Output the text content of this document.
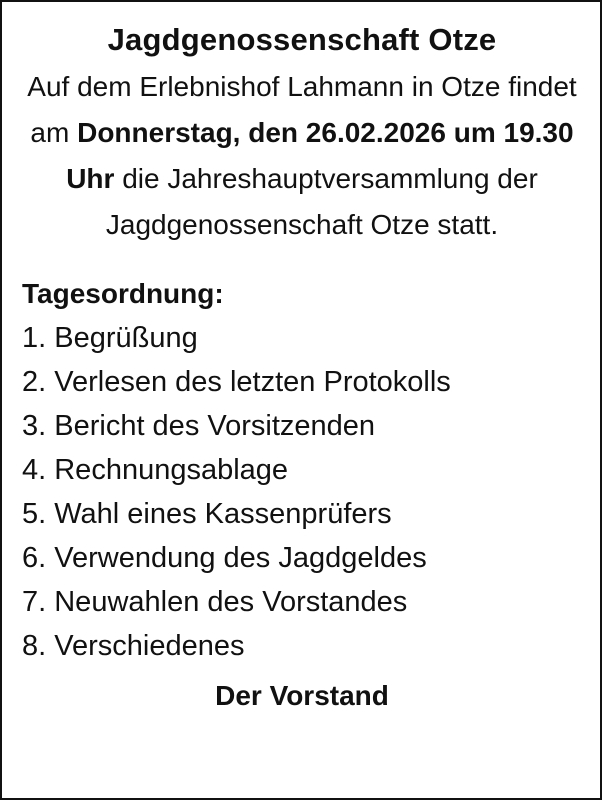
Jagdgenossenschaft Otze

Auf dem Erlebnishof Lahmann in Otze findet am Donnerstag, den 26.02.2026 um 19.30 Uhr die Jahreshauptversammlung der Jagdgenossenschaft Otze statt.

Tagesordnung:
1. Begrüßung
2. Verlesen des letzten Protokolls
3. Bericht des Vorsitzenden
4. Rechnungsablage
5. Wahl eines Kassenprüfers
6. Verwendung des Jagdgeldes
7. Neuwahlen des Vorstandes
8. Verschiedenes
Der Vorstand
